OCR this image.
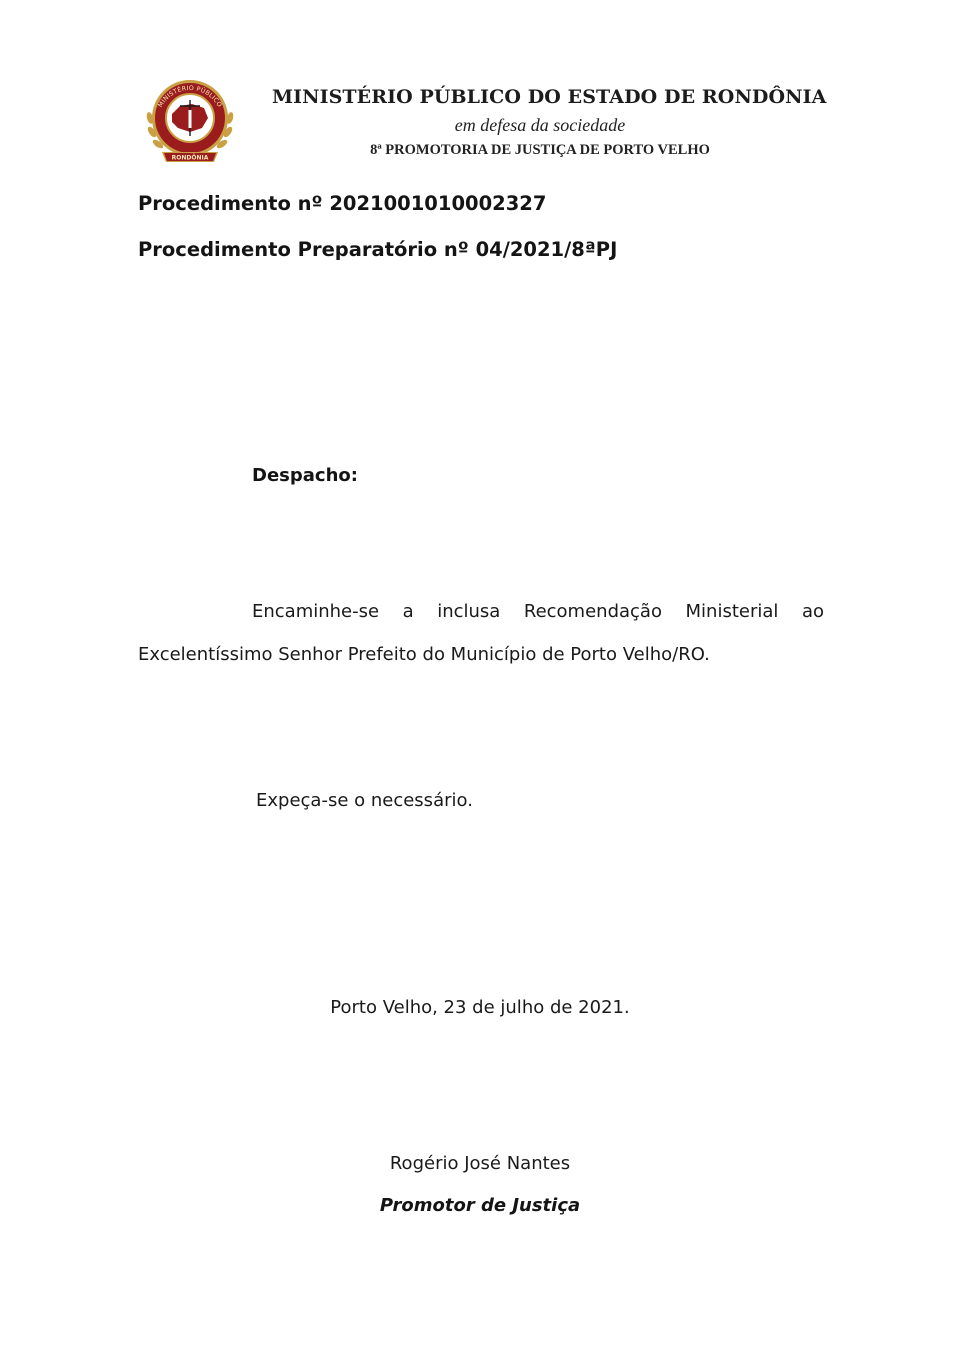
MINISTÉRIO PÚBLICO
RONDÔNIA
MINISTÉRIO PÚBLICO DO ESTADO DE RONDÔNIA
em defesa da sociedade
8ª PROMOTORIA DE JUSTIÇA DE PORTO VELHO
Procedimento nº 2021001010002327
Procedimento Preparatório nº 04/2021/8ªPJ
Despacho:
Encaminhe-se a inclusa Recomendação Ministerial ao Excelentíssimo Senhor Prefeito do Município de Porto Velho/RO.
Expeça-se o necessário.
Porto Velho, 23 de julho de 2021.
Rogério José Nantes
Promotor de Justiça
